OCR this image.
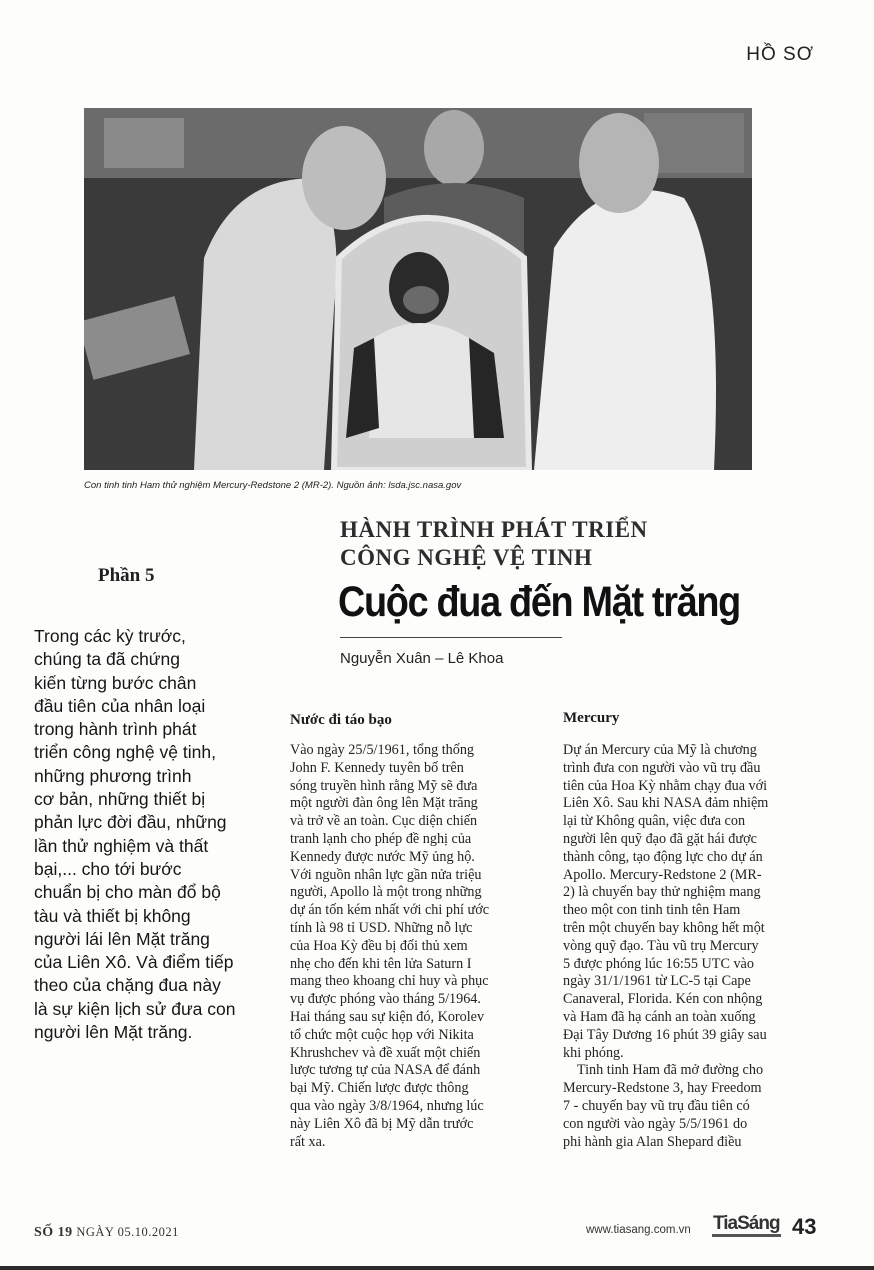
HỒ SƠ
Con tinh tinh Ham thử nghiệm Mercury-Redstone 2 (MR-2). Nguồn ảnh: lsda.jsc.nasa.gov
HÀNH TRÌNH PHÁT TRIỂN
CÔNG NGHỆ VỆ TINH
Cuộc đua đến Mặt trăng
Nguyễn Xuân – Lê Khoa
Phần 5
Trong các kỳ trước,
chúng ta đã chứng
kiến từng bước chân
đầu tiên của nhân loại
trong hành trình phát
triển công nghệ vệ tinh,
những phương trình
cơ bản, những thiết bị
phản lực đời đầu, những
lần thử nghiệm và thất
bại,... cho tới bước
chuẩn bị cho màn đổ bộ
tàu và thiết bị không
người lái lên Mặt trăng
của Liên Xô. Và điểm tiếp
theo của chặng đua này
là sự kiện lịch sử đưa con
người lên Mặt trăng.
Nước đi táo bạo
Vào ngày 25/5/1961, tổng thống
John F. Kennedy tuyên bố trên
sóng truyền hình rằng Mỹ sẽ đưa
một người đàn ông lên Mặt trăng
và trở về an toàn. Cục diện chiến
tranh lạnh cho phép đề nghị của
Kennedy được nước Mỹ ủng hộ.
Với nguồn nhân lực gần nửa triệu
người, Apollo là một trong những
dự án tốn kém nhất với chi phí ước
tính là 98 tỉ USD. Những nỗ lực
của Hoa Kỳ đều bị đối thủ xem
nhẹ cho đến khi tên lửa Saturn I
mang theo khoang chỉ huy và phục
vụ được phóng vào tháng 5/1964.
Hai tháng sau sự kiện đó, Korolev
tổ chức một cuộc họp với Nikita
Khrushchev và đề xuất một chiến
lược tương tự của NASA để đánh
bại Mỹ. Chiến lược được thông
qua vào ngày 3/8/1964, nhưng lúc
này Liên Xô đã bị Mỹ dẫn trước
rất xa.
Mercury
Dự án Mercury của Mỹ là chương
trình đưa con người vào vũ trụ đầu
tiên của Hoa Kỳ nhằm chạy đua với
Liên Xô. Sau khi NASA đảm nhiệm
lại từ Không quân, việc đưa con
người lên quỹ đạo đã gặt hái được
thành công, tạo động lực cho dự án
Apollo. Mercury-Redstone 2 (MR-
2) là chuyến bay thử nghiệm mang
theo một con tinh tinh tên Ham
trên một chuyến bay không hết một
vòng quỹ đạo. Tàu vũ trụ Mercury
5 được phóng lúc 16:55 UTC vào
ngày 31/1/1961 từ LC-5 tại Cape
Canaveral, Florida. Kén con nhộng
và Ham đã hạ cánh an toàn xuống
Đại Tây Dương 16 phút 39 giây sau
khi phóng.
Tinh tinh Ham đã mở đường cho
Mercury-Redstone 3, hay Freedom
7 - chuyến bay vũ trụ đầu tiên có
con người vào ngày 5/5/1961 do
phi hành gia Alan Shepard điều
SỐ 19 NGÀY 05.10.2021	www.tiasang.com.vn TiaSáng 43
